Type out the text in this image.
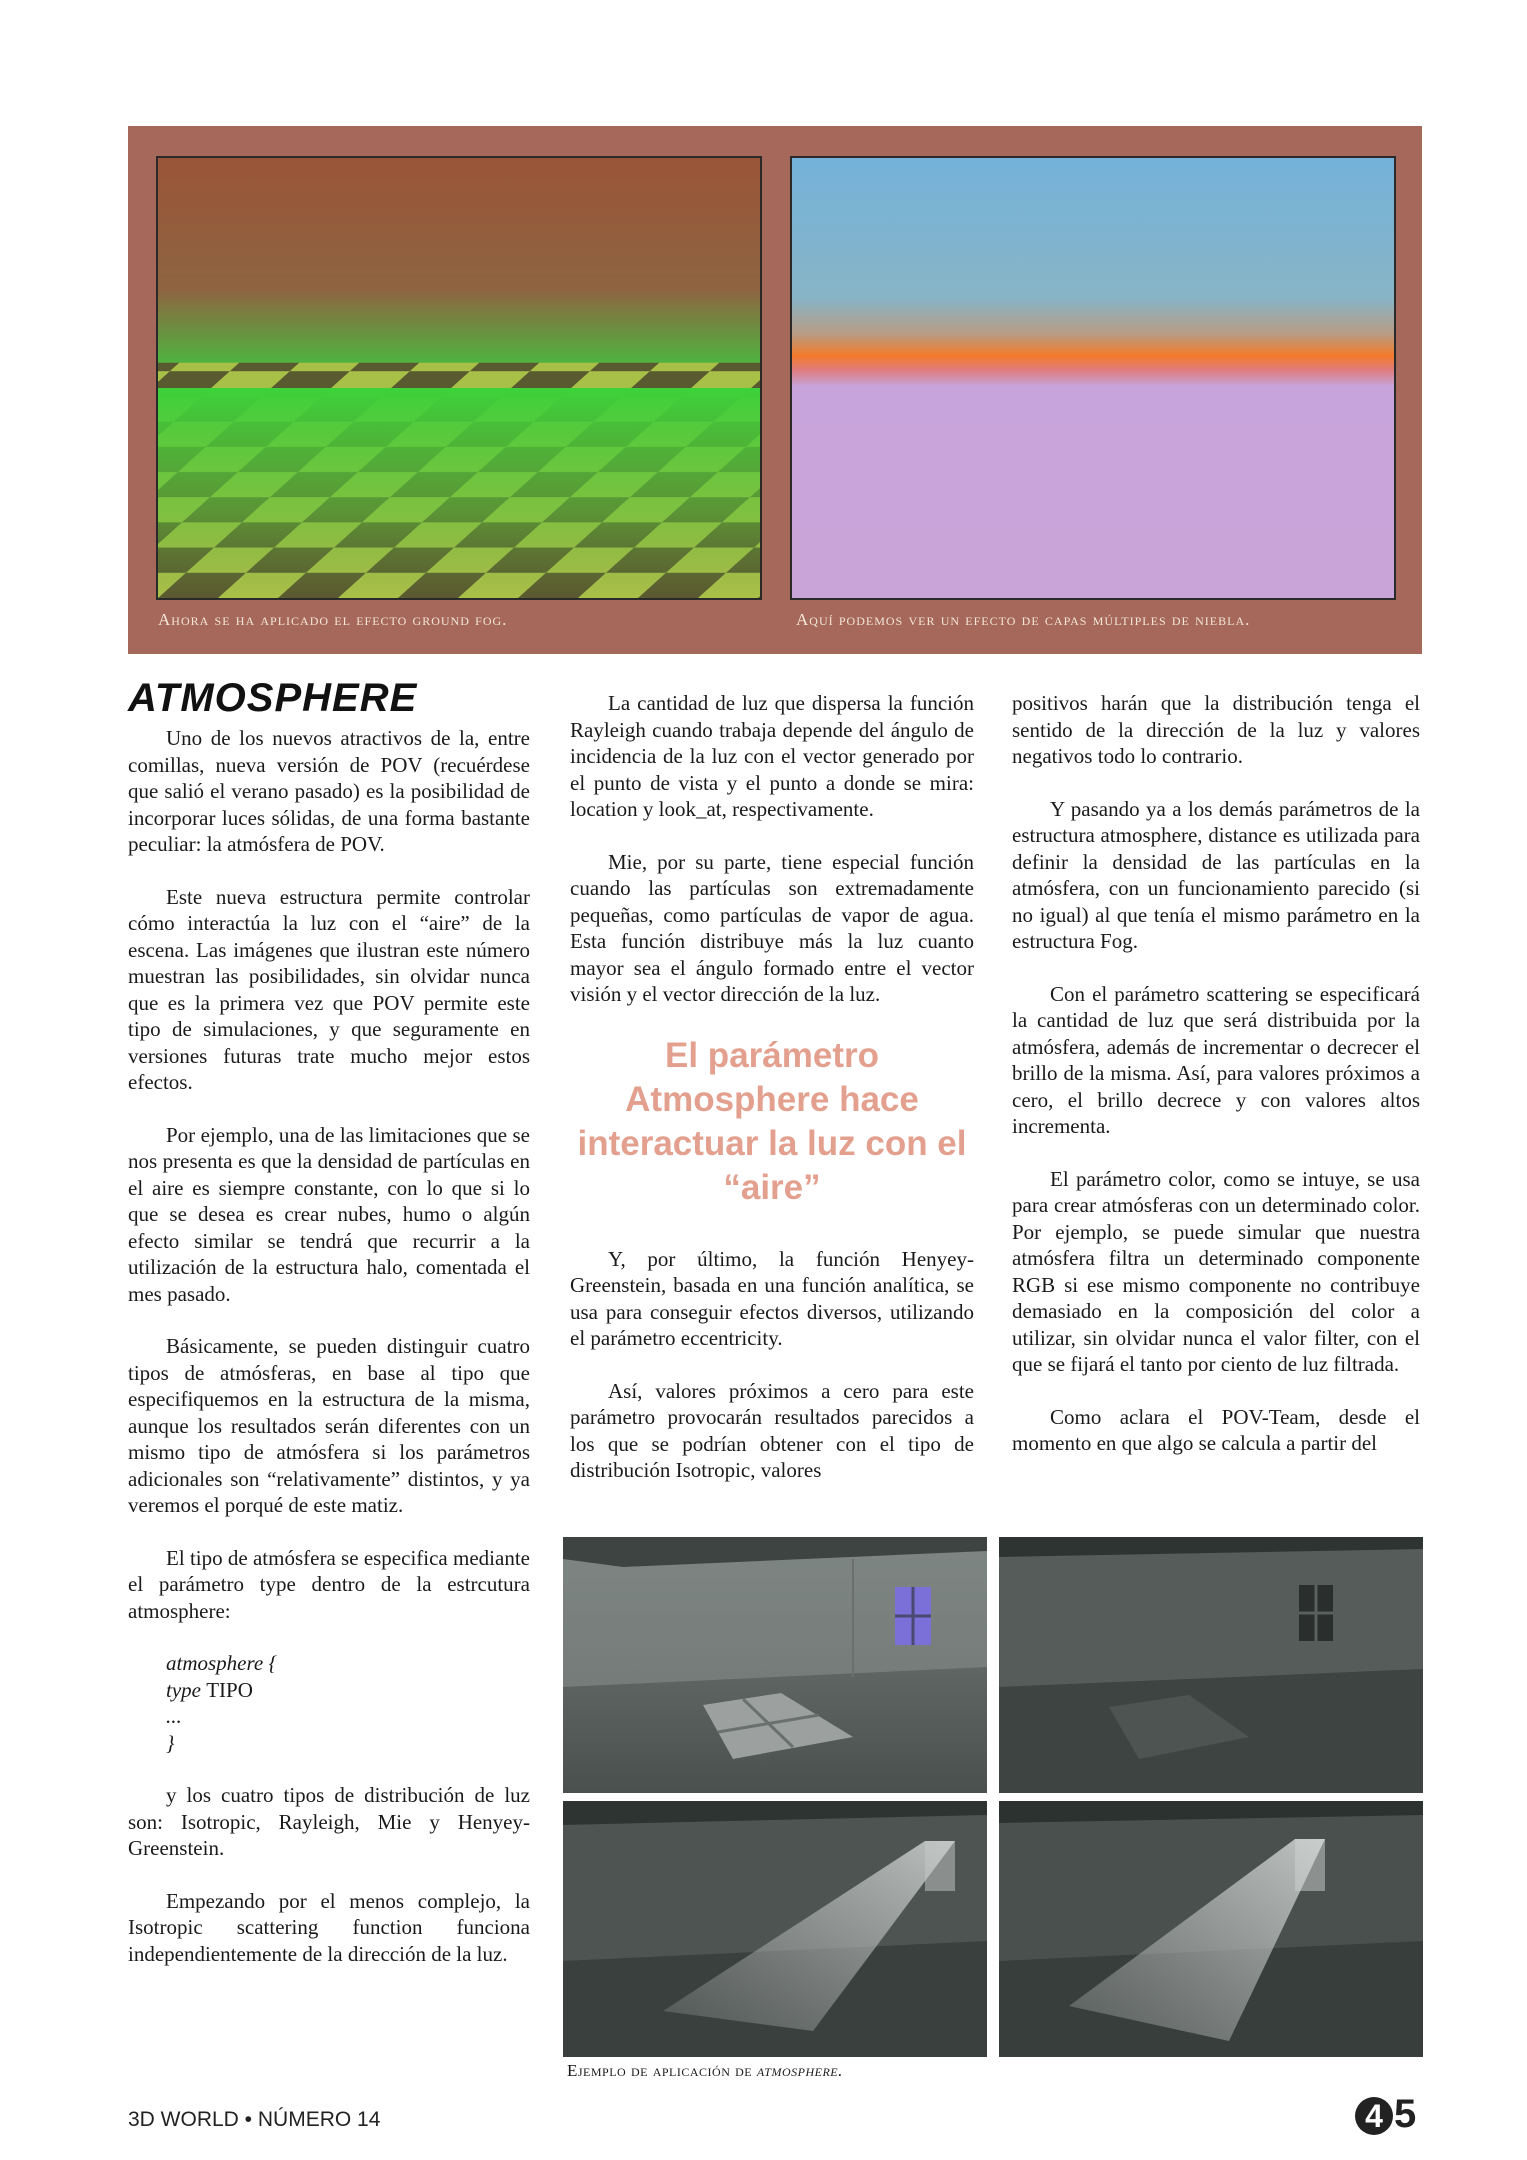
Ahora se ha aplicado el efecto ground fog.	Aquí podemos ver un efecto de capas múltiples de niebla.
ATMOSPHERE

Uno de los nuevos atractivos de la, entre comillas, nueva versión de POV (recuérdese que salió el verano pasado) es la posibilidad de incorporar luces sólidas, de una forma bastante peculiar: la atmósfera de POV.

Este nueva estructura permite controlar cómo interactúa la luz con el “aire” de la escena. Las imágenes que ilustran este número muestran las posibilidades, sin olvidar nunca que es la primera vez que POV permite este tipo de simulaciones, y que seguramente en versiones futuras trate mucho mejor estos efectos.

Por ejemplo, una de las limitaciones que se nos presenta es que la densidad de partículas en el aire es siempre constante, con lo que si lo que se desea es crear nubes, humo o algún efecto similar se tendrá que recurrir a la utilización de la estructura halo, comentada el mes pasado.

Básicamente, se pueden distinguir cuatro tipos de atmósferas, en base al tipo que especifiquemos en la estructura de la misma, aunque los resultados serán diferentes con un mismo tipo de atmósfera si los parámetros adicionales son “relativamente” distintos, y ya veremos el porqué de este matiz.

El tipo de atmósfera se especifica mediante el parámetro type dentro de la estrcutura atmosphere:

atmosphere {
type TIPO
...
}

y los cuatro tipos de distribución de luz son: Isotropic, Rayleigh, Mie y Henyey-Greenstein.

Empezando por el menos complejo, la Isotropic scattering function funciona independientemente de la dirección de la luz.

La cantidad de luz que dispersa la función Rayleigh cuando trabaja depende del ángulo de incidencia de la luz con el vector generado por el punto de vista y el punto a donde se mira: location y look_at, respectivamente.

Mie, por su parte, tiene especial función cuando las partículas son extremadamente pequeñas, como partículas de vapor de agua. Esta función distribuye más la luz cuanto mayor sea el ángulo formado entre el vector visión y el vector dirección de la luz.

El parámetro Atmosphere hace interactuar la luz con el “aire”

Y, por último, la función Henyey-Greenstein, basada en una función analítica, se usa para conseguir efectos diversos, utilizando el parámetro eccentricity.

Así, valores próximos a cero para este parámetro provocarán resultados parecidos a los que se podrían obtener con el tipo de distribución Isotropic, valores

positivos harán que la distribución tenga el sentido de la dirección de la luz y valores negativos todo lo contrario.

Y pasando ya a los demás parámetros de la estructura atmosphere, distance es utilizada para definir la densidad de las partículas en la atmósfera, con un funcionamiento parecido (si no igual) al que tenía el mismo parámetro en la estructura Fog.

Con el parámetro scattering se especificará la cantidad de luz que será distribuida por la atmósfera, además de incrementar o decrecer el brillo de la misma. Así, para valores próximos a cero, el brillo decrece y con valores altos incrementa.

El parámetro color, como se intuye, se usa para crear atmósferas con un determinado color. Por ejemplo, se puede simular que nuestra atmósfera filtra un determinado componente RGB si ese mismo componente no contribuye demasiado en la composición del color a utilizar, sin olvidar nunca el valor filter, con el que se fijará el tanto por ciento de luz filtrada.

Como aclara el POV-Team, desde el momento en que algo se calcula a partir del

Ejemplo de aplicación de atmosphere.
3D WORLD • NÚMERO 14	4 5
